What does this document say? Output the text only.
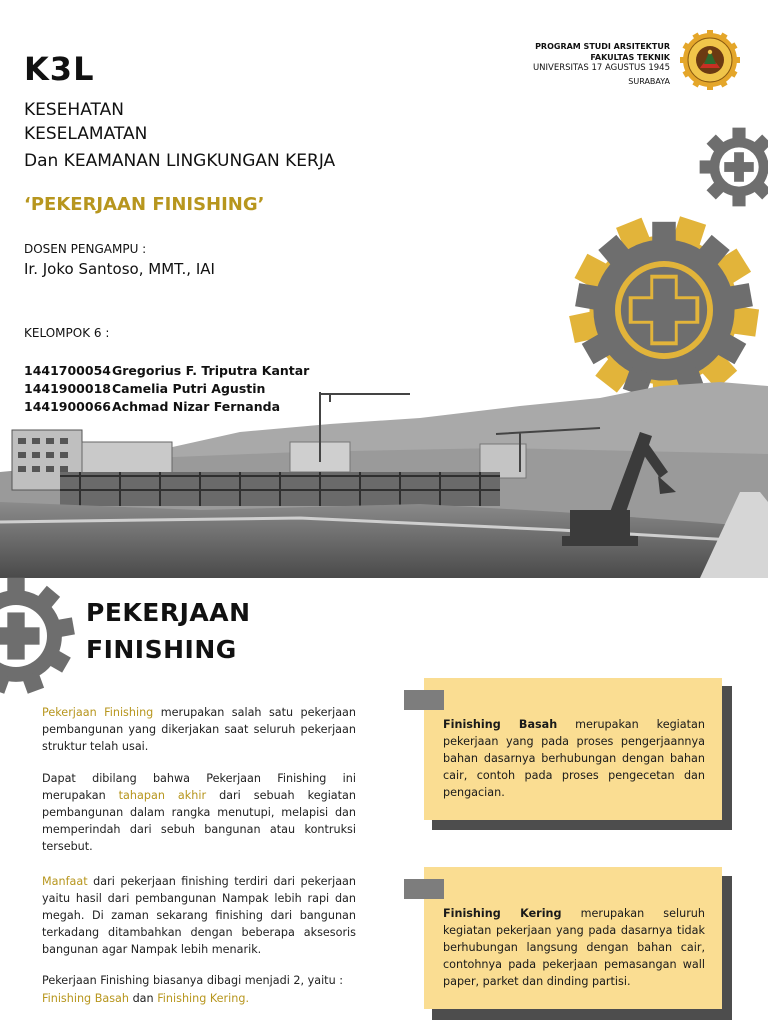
K3L
KESEHATAN
KESELAMATAN
Dan KEAMANAN LINGKUNGAN KERJA
‘PEKERJAAN FINISHING’
DOSEN PENGAMPU :
Ir. Joko Santoso, MMT., IAI
KELOMPOK 6 :
1441700054Gregorius F. Triputra Kantar
1441900018Camelia Putri Agustin
1441900066Achmad Nizar Fernanda
PROGRAM STUDI ARSITEKTUR
FAKULTAS TEKNIK
UNIVERSITAS 17 AGUSTUS 1945
SURABAYA
PEKERJAAN
FINISHING
Pekerjaan Finishing merupakan salah satu pekerjaan pembangunan yang dikerjakan saat seluruh pekerjaan struktur telah usai.
Dapat dibilang bahwa Pekerjaan Finishing ini merupakan tahapan akhir dari sebuah kegiatan pembangunan dalam rangka menutupi, melapisi dan memperindah dari sebuh bangunan atau kontruksi tersebut.
Manfaat dari pekerjaan finishing terdiri dari pekerjaan yaitu hasil dari pembangunan Nampak lebih rapi dan megah. Di zaman sekarang finishing dari bangunan terkadang ditambahkan dengan beberapa aksesoris bangunan agar Nampak lebih menarik.
Pekerjaan Finishing biasanya dibagi menjadi 2, yaitu :
Finishing Basah dan Finishing Kering.
Finishing Basah merupakan kegiatan pekerjaan yang pada proses pengerjaannya bahan dasarnya berhubungan dengan bahan cair, contoh pada proses pengecetan dan pengacian.
Finishing Kering merupakan seluruh kegiatan pekerjaan yang pada dasarnya tidak berhubungan langsung dengan bahan cair, contohnya pada pekerjaan pemasangan wall paper, parket dan dinding partisi.
